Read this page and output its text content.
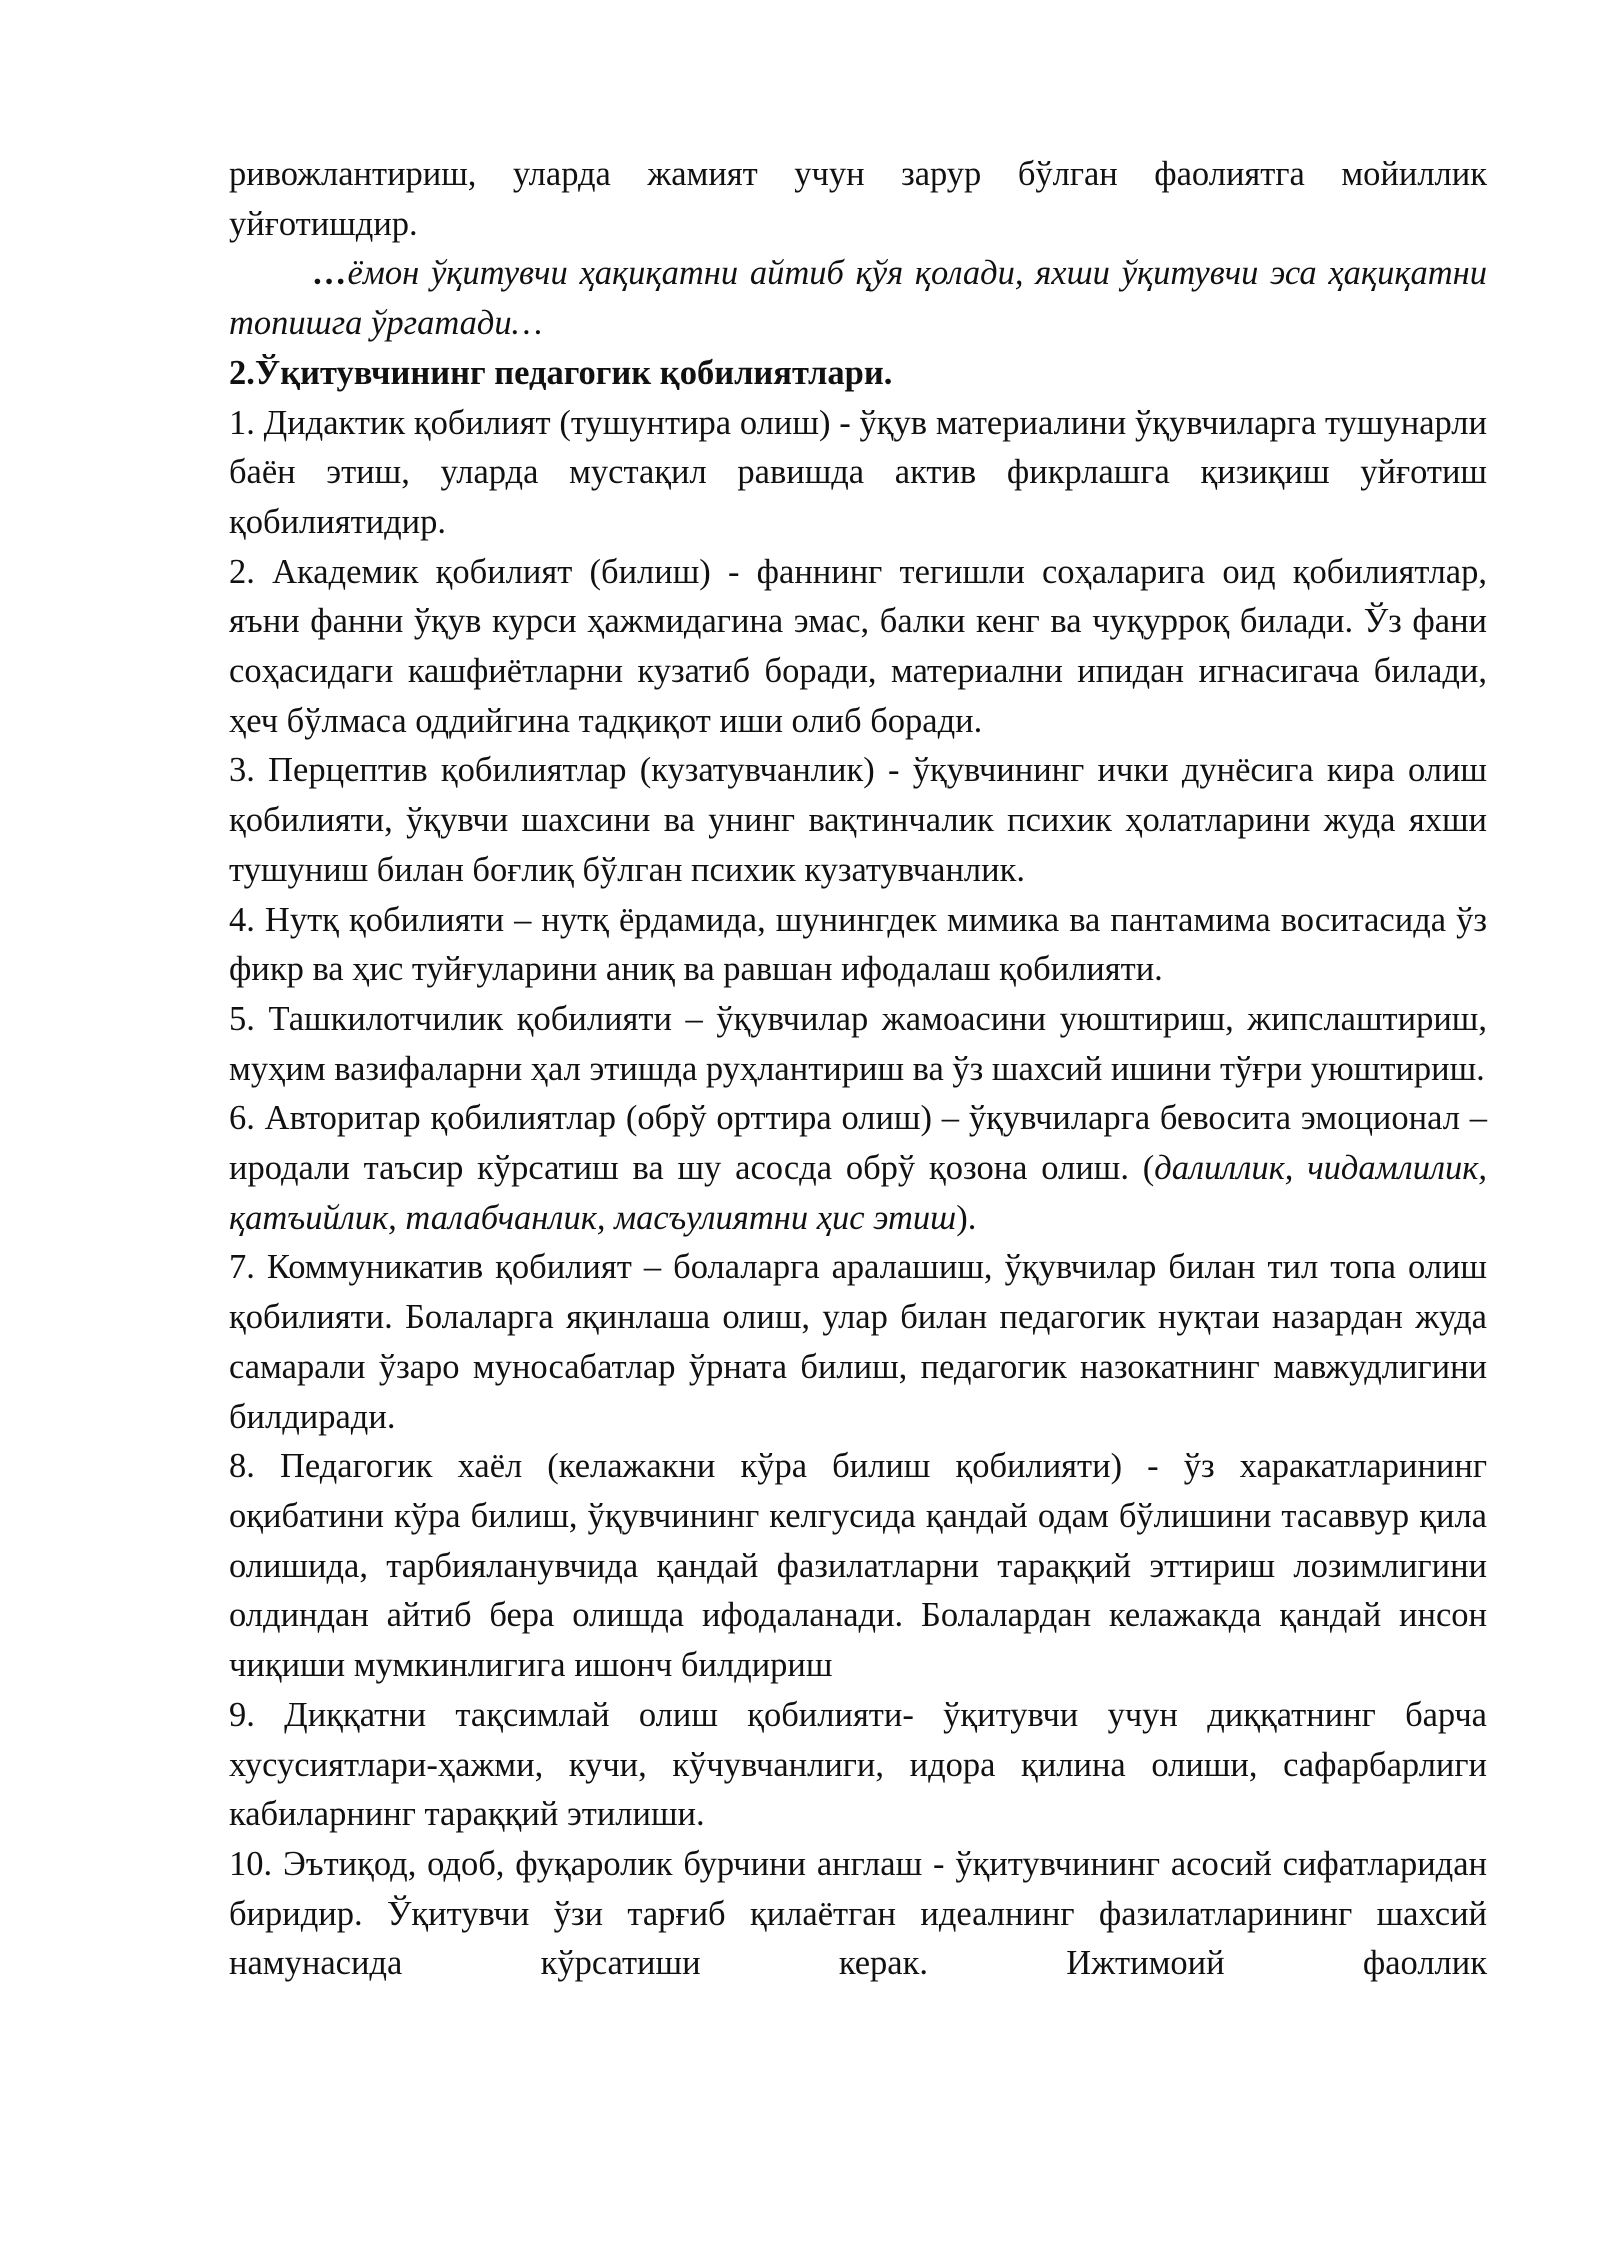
ривожлантириш, уларда жамият учун зарур бўлган фаолиятга мойиллик уйғотишдир.

…ёмон ўқитувчи ҳақиқатни айтиб қўя қолади, яхши ўқитувчи эса ҳақиқатни топишга ўргатади…

2.Ўқитувчининг педагогик қобилиятлари.

1. Дидактик қобилият (тушунтира олиш) - ўқув материалини ўқувчиларга тушунарли баён этиш, уларда мустақил равишда актив фикрлашга қизиқиш уйғотиш қобилиятидир.

2. Академик қобилият (билиш) - фаннинг тегишли соҳаларига оид қобилиятлар, яъни фанни ўқув курси ҳажмидагина эмас, балки кенг ва чуқурроқ билади. Ўз фани соҳасидаги кашфиётларни кузатиб боради, материални ипидан игнасигача билади, ҳеч бўлмаса оддийгина тадқиқот иши олиб боради.

3. Перцептив қобилиятлар (кузатувчанлик) - ўқувчининг ички дунёсига кира олиш қобилияти, ўқувчи шахсини ва унинг вақтинчалик психик ҳолатларини жуда яхши тушуниш билан боғлиқ бўлган психик кузатувчанлик.

4. Нутқ қобилияти – нутқ ёрдамида, шунингдек мимика ва пантамима воситасида ўз фикр ва ҳис туйғуларини аниқ ва равшан ифодалаш қобилияти.

5. Ташкилотчилик қобилияти – ўқувчилар жамоасини уюштириш, жипслаштириш, муҳим вазифаларни ҳал этишда руҳлантириш ва ўз шахсий ишини тўғри уюштириш.

6. Авторитар қобилиятлар (обрў орттира олиш) – ўқувчиларга бевосита эмоционал – иродали таъсир кўрсатиш ва шу асосда обрў қозона олиш. (далиллик, чидамлилик, қатъийлик, талабчанлик, масъулиятни ҳис этиш).

7. Коммуникатив қобилият – болаларга аралашиш, ўқувчилар билан тил топа олиш қобилияти. Болаларга яқинлаша олиш, улар билан педагогик нуқтаи назардан жуда самарали ўзаро муносабатлар ўрната билиш, педагогик назокатнинг мавжудлигини билдиради.

8. Педагогик хаёл (келажакни кўра билиш қобилияти) - ўз харакатларининг оқибатини кўра билиш, ўқувчининг келгусида қандай одам бўлишини тасаввур қила олишида, тарбияланувчида қандай фазилатларни тараққий эттириш лозимлигини олдиндан айтиб бера олишда ифодаланади. Болалардан келажакда қандай инсон чиқиши мумкинлигига ишонч билдириш

9. Диққатни тақсимлай олиш қобилияти- ўқитувчи учун диққатнинг барча хусусиятлари-ҳажми, кучи, кўчувчанлиги, идора қилина олиши, сафарбарлиги кабиларнинг тараққий этилиши.

10. Эътиқод, одоб, фуқаролик бурчини англаш - ўқитувчининг асосий сифатларидан биридир. Ўқитувчи ўзи тарғиб қилаётган идеалнинг фазилатларининг шахсий намунасида кўрсатиши керак. Ижтимоий фаоллик
